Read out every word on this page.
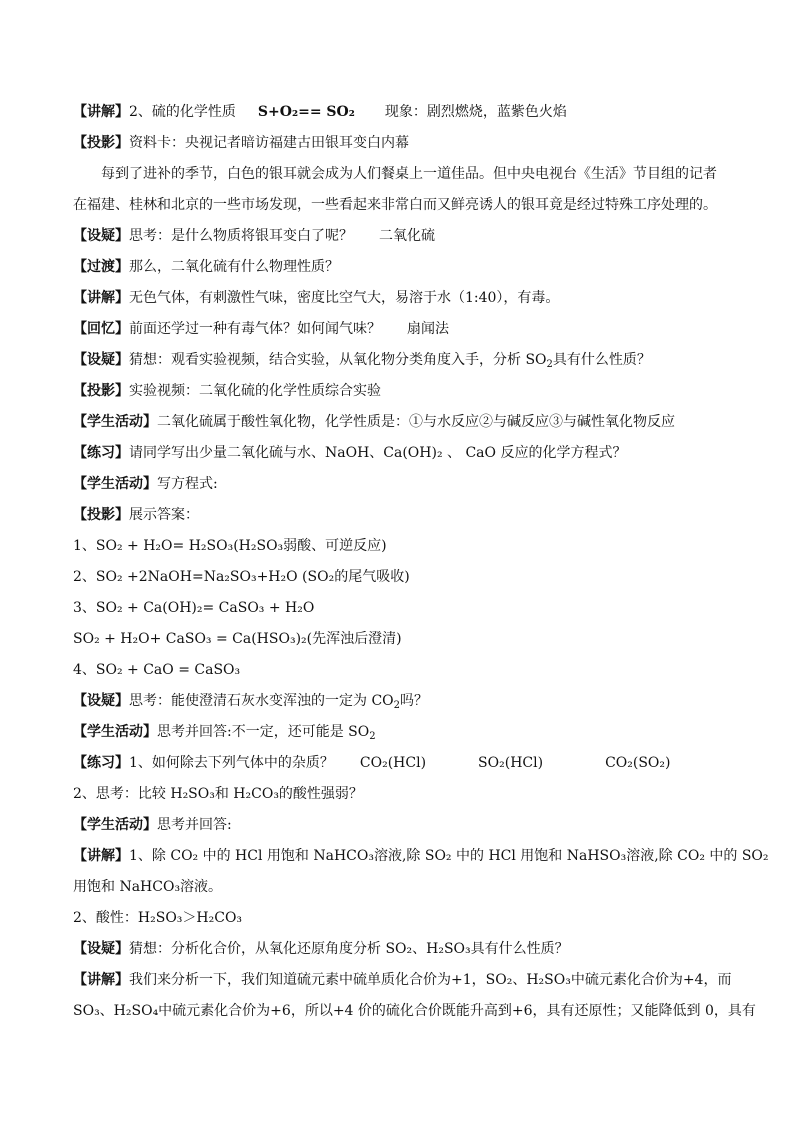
【讲解】2、硫的化学性质 S+O₂== SO₂ 现象：剧烈燃烧，蓝紫色火焰
【投影】资料卡：央视记者暗访福建古田银耳变白内幕
每到了进补的季节，白色的银耳就会成为人们餐桌上一道佳品。但中央电视台《生活》节目组的记者
在福建、桂林和北京的一些市场发现，一些看起来非常白而又鲜亮诱人的银耳竟是经过特殊工序处理的。
【设疑】思考：是什么物质将银耳变白了呢？ 二氧化硫
【过渡】那么，二氧化硫有什么物理性质？
【讲解】无色气体，有刺激性气味，密度比空气大，易溶于水（1:40），有毒。
【回忆】前面还学过一种有毒气体？如何闻气味？ 扇闻法
【设疑】猜想：观看实验视频，结合实验，从氧化物分类角度入手，分析 $SO_2$具有什么性质？
【投影】实验视频：二氧化硫的化学性质综合实验
【学生活动】二氧化硫属于酸性氧化物，化学性质是：①与水反应②与碱反应③与碱性氧化物反应
【练习】请同学写出少量二氧化硫与水、NaOH、Ca(OH)₂ 、 CaO 反应的化学方程式？
【学生活动】写方程式:
【投影】展示答案：
1、SO₂ + H₂O= H₂SO₃(H₂SO₃弱酸、可逆反应)
2、SO₂ +2NaOH=Na₂SO₃+H₂O (SO₂的尾气吸收)
3、SO₂ + Ca(OH)₂= CaSO₃ + H₂O
SO₂ + H₂O+ CaSO₃ = Ca(HSO₃)₂(先浑浊后澄清)
4、SO₂ + CaO = CaSO₃
【设疑】思考：能使澄清石灰水变浑浊的一定为 $CO_2$吗？
【学生活动】思考并回答:不一定，还可能是 $SO_2$
【练习】1、如何除去下列气体中的杂质？ CO₂(HCl)	SO₂(HCl)	CO₂(SO₂)
2、思考：比较 H₂SO₃和 H₂CO₃的酸性强弱？
【学生活动】思考并回答:
【讲解】1、除 CO₂ 中的 HCl 用饱和 NaHCO₃溶液,除 SO₂ 中的 HCl 用饱和 NaHSO₃溶液,除 CO₂ 中的 SO₂
用饱和 NaHCO₃溶液。
2、酸性：H₂SO₃＞H₂CO₃
【设疑】猜想：分析化合价，从氧化还原角度分析 SO₂、H₂SO₃具有什么性质？
【讲解】我们来分析一下，我们知道硫元素中硫单质化合价为+1，SO₂、H₂SO₃中硫元素化合价为+4，而
SO₃、H₂SO₄中硫元素化合价为+6，所以+4 价的硫化合价既能升高到+6，具有还原性；又能降低到 0，具有
